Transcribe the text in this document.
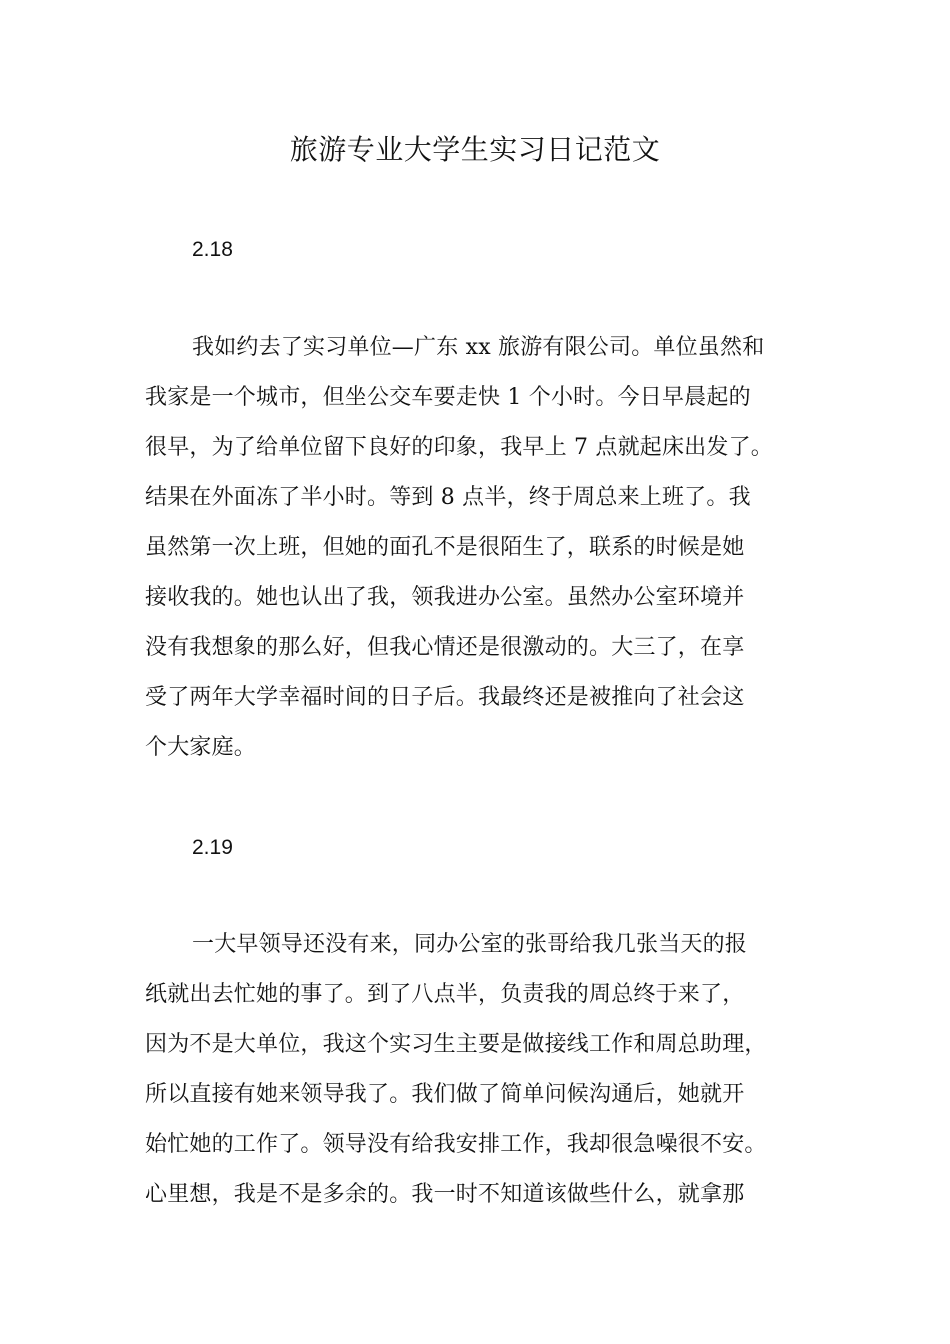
旅游专业大学生实习日记范文
2.18
我如约去了实习单位—广东 xx 旅游有限公司。单位虽然和
我家是一个城市，但坐公交车要走快 1 个小时。今日早晨起的
很早，为了给单位留下良好的印象，我早上 7 点就起床出发了。
结果在外面冻了半小时。等到 8 点半，终于周总来上班了。我
虽然第一次上班，但她的面孔不是很陌生了，联系的时候是她
接收我的。她也认出了我，领我进办公室。虽然办公室环境并
没有我想象的那么好，但我心情还是很激动的。大三了，在享
受了两年大学幸福时间的日子后。我最终还是被推向了社会这
个大家庭。
2.19
一大早领导还没有来，同办公室的张哥给我几张当天的报
纸就出去忙她的事了。到了八点半，负责我的周总终于来了，
因为不是大单位，我这个实习生主要是做接线工作和周总助理，
所以直接有她来领导我了。我们做了简单问候沟通后，她就开
始忙她的工作了。领导没有给我安排工作，我却很急噪很不安。
心里想，我是不是多余的。我一时不知道该做些什么，就拿那
